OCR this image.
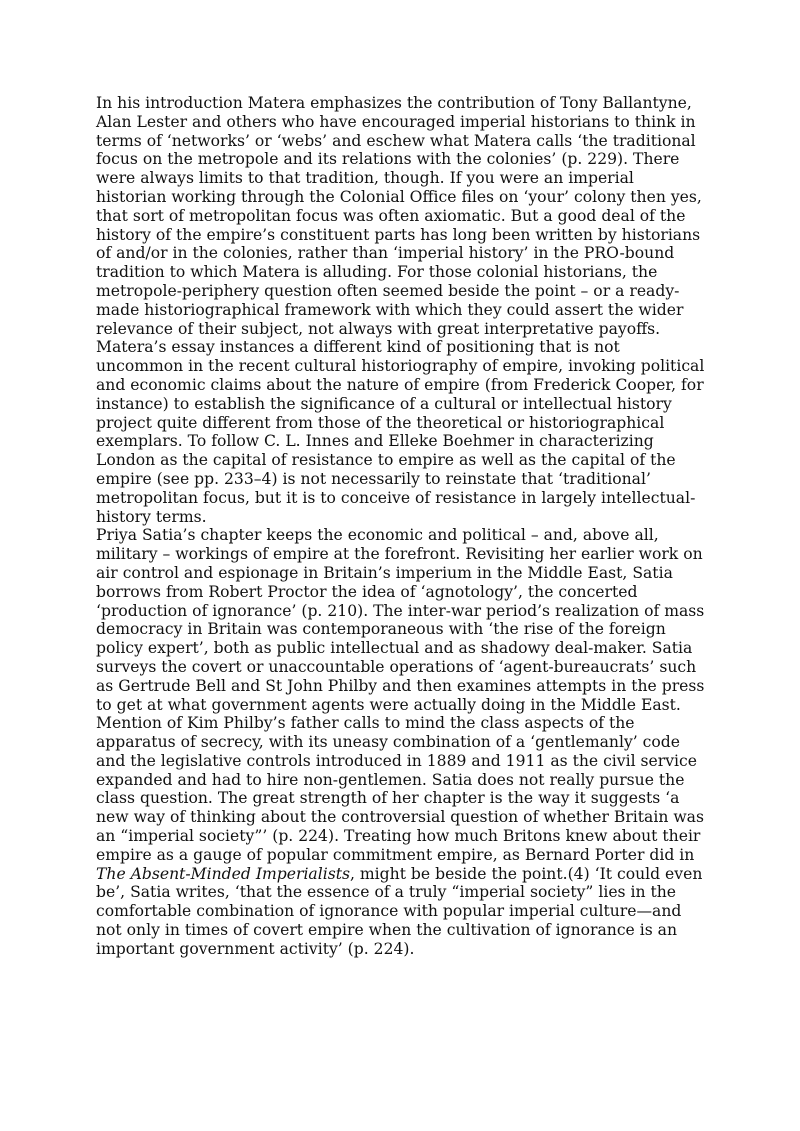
In his introduction Matera emphasizes the contribution of Tony Ballantyne, Alan Lester and others who have encouraged imperial historians to think in terms of ‘networks’ or ‘webs’ and eschew what Matera calls ‘the traditional focus on the metropole and its relations with the colonies’ (p. 229). There were always limits to that tradition, though. If you were an imperial historian working through the Colonial Office files on ‘your’ colony then yes, that sort of metropolitan focus was often axiomatic. But a good deal of the history of the empire’s constituent parts has long been written by historians of and/or in the colonies, rather than ‘imperial history’ in the PRO-bound tradition to which Matera is alluding. For those colonial historians, the metropole-periphery question often seemed beside the point – or a ready-made historiographical framework with which they could assert the wider relevance of their subject, not always with great interpretative payoffs. Matera’s essay instances a different kind of positioning that is not uncommon in the recent cultural historiography of empire, invoking political and economic claims about the nature of empire (from Frederick Cooper, for instance) to establish the significance of a cultural or intellectual history project quite different from those of the theoretical or historiographical exemplars. To follow C. L. Innes and Elleke Boehmer in characterizing London as the capital of resistance to empire as well as the capital of the empire (see pp. 233–4) is not necessarily to reinstate that ‘traditional’ metropolitan focus, but it is to conceive of resistance in largely intellectual-history terms.

Priya Satia’s chapter keeps the economic and political – and, above all, military – workings of empire at the forefront. Revisiting her earlier work on air control and espionage in Britain’s imperium in the Middle East, Satia borrows from Robert Proctor the idea of ‘agnotology’, the concerted ‘production of ignorance’ (p. 210). The inter-war period’s realization of mass democracy in Britain was contemporaneous with ‘the rise of the foreign policy expert’, both as public intellectual and as shadowy deal-maker. Satia surveys the covert or unaccountable operations of ‘agent-bureaucrats’ such as Gertrude Bell and St John Philby and then examines attempts in the press to get at what government agents were actually doing in the Middle East. Mention of Kim Philby’s father calls to mind the class aspects of the apparatus of secrecy, with its uneasy combination of a ‘gentlemanly’ code and the legislative controls introduced in 1889 and 1911 as the civil service expanded and had to hire non-gentlemen. Satia does not really pursue the class question. The great strength of her chapter is the way it suggests ‘a new way of thinking about the controversial question of whether Britain was an “imperial society”’ (p. 224). Treating how much Britons knew about their empire as a gauge of popular commitment empire, as Bernard Porter did in The Absent-Minded Imperialists, might be beside the point.(4) ‘It could even be’, Satia writes, ‘that the essence of a truly “imperial society” lies in the comfortable combination of ignorance with popular imperial culture—and not only in times of covert empire when the cultivation of ignorance is an important government activity’ (p. 224).
